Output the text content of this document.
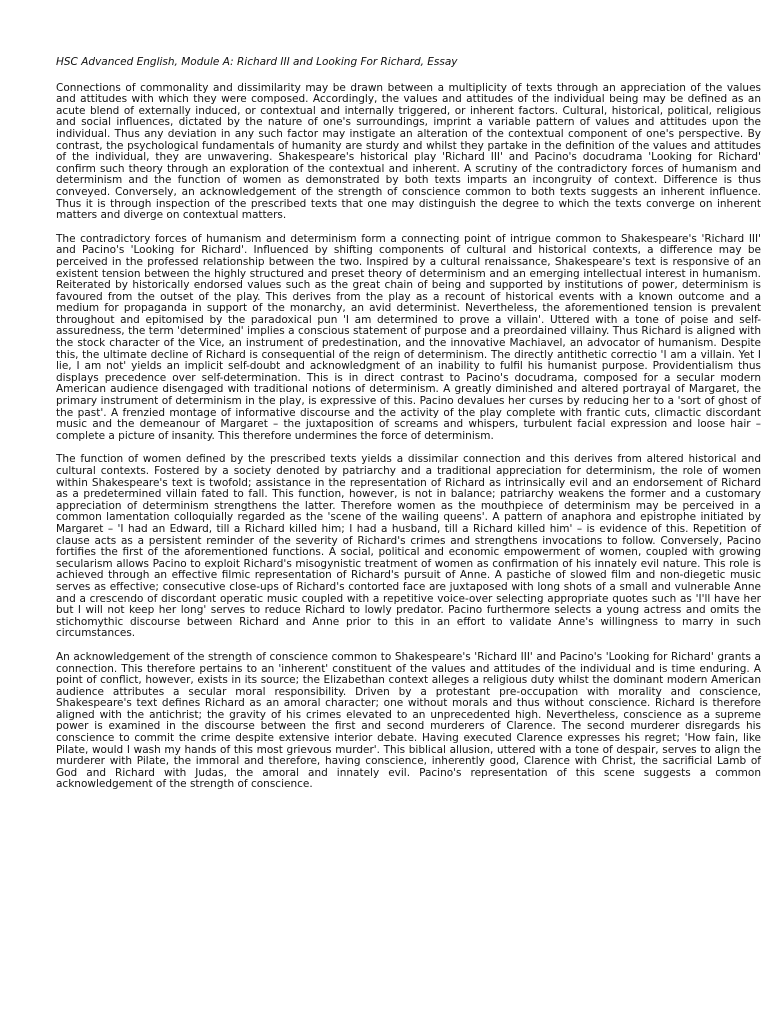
HSC Advanced English, Module A: Richard III and Looking For Richard, Essay

Connections of commonality and dissimilarity may be drawn between a multiplicity of texts through an appreciation of the values and attitudes with which they were composed. Accordingly, the values and attitudes of the individual being may be defined as an acute blend of externally induced, or contextual and internally triggered, or inherent factors. Cultural, historical, political, religious and social influences, dictated by the nature of one's surroundings, imprint a variable pattern of values and attitudes upon the individual. Thus any deviation in any such factor may instigate an alteration of the contextual component of one's perspective. By contrast, the psychological fundamentals of humanity are sturdy and whilst they partake in the definition of the values and attitudes of the individual, they are unwavering. Shakespeare's historical play 'Richard III' and Pacino's docudrama 'Looking for Richard' confirm such theory through an exploration of the contextual and inherent. A scrutiny of the contradictory forces of humanism and determinism and the function of women as demonstrated by both texts imparts an incongruity of context. Difference is thus conveyed. Conversely, an acknowledgement of the strength of conscience common to both texts suggests an inherent influence. Thus it is through inspection of the prescribed texts that one may distinguish the degree to which the texts converge on inherent matters and diverge on contextual matters.

The contradictory forces of humanism and determinism form a connecting point of intrigue common to Shakespeare's 'Richard III' and Pacino's 'Looking for Richard'. Influenced by shifting components of cultural and historical contexts, a difference may be perceived in the professed relationship between the two. Inspired by a cultural renaissance, Shakespeare's text is responsive of an existent tension between the highly structured and preset theory of determinism and an emerging intellectual interest in humanism. Reiterated by historically endorsed values such as the great chain of being and supported by institutions of power, determinism is favoured from the outset of the play. This derives from the play as a recount of historical events with a known outcome and a medium for propaganda in support of the monarchy, an avid determinist. Nevertheless, the aforementioned tension is prevalent throughout and epitomised by the paradoxical pun 'I am determined to prove a villain'. Uttered with a tone of poise and self-assuredness, the term 'determined' implies a conscious statement of purpose and a preordained villainy. Thus Richard is aligned with the stock character of the Vice, an instrument of predestination, and the innovative Machiavel, an advocator of humanism. Despite this, the ultimate decline of Richard is consequential of the reign of determinism. The directly antithetic correctio 'I am a villain. Yet I lie, I am not' yields an implicit self-doubt and acknowledgment of an inability to fulfil his humanist purpose. Providentialism thus displays precedence over self-determination. This is in direct contrast to Pacino's docudrama, composed for a secular modern American audience disengaged with traditional notions of determinism. A greatly diminished and altered portrayal of Margaret, the primary instrument of determinism in the play, is expressive of this. Pacino devalues her curses by reducing her to a 'sort of ghost of the past'. A frenzied montage of informative discourse and the activity of the play complete with frantic cuts, climactic discordant music and the demeanour of Margaret – the juxtaposition of screams and whispers, turbulent facial expression and loose hair – complete a picture of insanity. This therefore undermines the force of determinism.

The function of women defined by the prescribed texts yields a dissimilar connection and this derives from altered historical and cultural contexts. Fostered by a society denoted by patriarchy and a traditional appreciation for determinism, the role of women within Shakespeare's text is twofold; assistance in the representation of Richard as intrinsically evil and an endorsement of Richard as a predetermined villain fated to fall. This function, however, is not in balance; patriarchy weakens the former and a customary appreciation of determinism strengthens the latter. Therefore women as the mouthpiece of determinism may be perceived in a common lamentation colloquially regarded as the 'scene of the wailing queens'. A pattern of anaphora and epistrophe initiated by Margaret – 'I had an Edward, till a Richard killed him; I had a husband, till a Richard killed him' – is evidence of this. Repetition of clause acts as a persistent reminder of the severity of Richard's crimes and strengthens invocations to follow. Conversely, Pacino fortifies the first of the aforementioned functions. A social, political and economic empowerment of women, coupled with growing secularism allows Pacino to exploit Richard's misogynistic treatment of women as confirmation of his innately evil nature. This role is achieved through an effective filmic representation of Richard's pursuit of Anne. A pastiche of slowed film and non-diegetic music serves as effective; consecutive close-ups of Richard's contorted face are juxtaposed with long shots of a small and vulnerable Anne and a crescendo of discordant operatic music coupled with a repetitive voice-over selecting appropriate quotes such as 'I'll have her but I will not keep her long' serves to reduce Richard to lowly predator. Pacino furthermore selects a young actress and omits the stichomythic discourse between Richard and Anne prior to this in an effort to validate Anne's willingness to marry in such circumstances.

An acknowledgement of the strength of conscience common to Shakespeare's 'Richard III' and Pacino's 'Looking for Richard' grants a connection. This therefore pertains to an 'inherent' constituent of the values and attitudes of the individual and is time enduring. A point of conflict, however, exists in its source; the Elizabethan context alleges a religious duty whilst the dominant modern American audience attributes a secular moral responsibility. Driven by a protestant pre-occupation with morality and conscience, Shakespeare's text defines Richard as an amoral character; one without morals and thus without conscience. Richard is therefore aligned with the antichrist; the gravity of his crimes elevated to an unprecedented high. Nevertheless, conscience as a supreme power is examined in the discourse between the first and second murderers of Clarence. The second murderer disregards his conscience to commit the crime despite extensive interior debate. Having executed Clarence expresses his regret; 'How fain, like Pilate, would I wash my hands of this most grievous murder'. This biblical allusion, uttered with a tone of despair, serves to align the murderer with Pilate, the immoral and therefore, having conscience, inherently good, Clarence with Christ, the sacrificial Lamb of God and Richard with Judas, the amoral and innately evil. Pacino's representation of this scene suggests a common acknowledgement of the strength of conscience.
